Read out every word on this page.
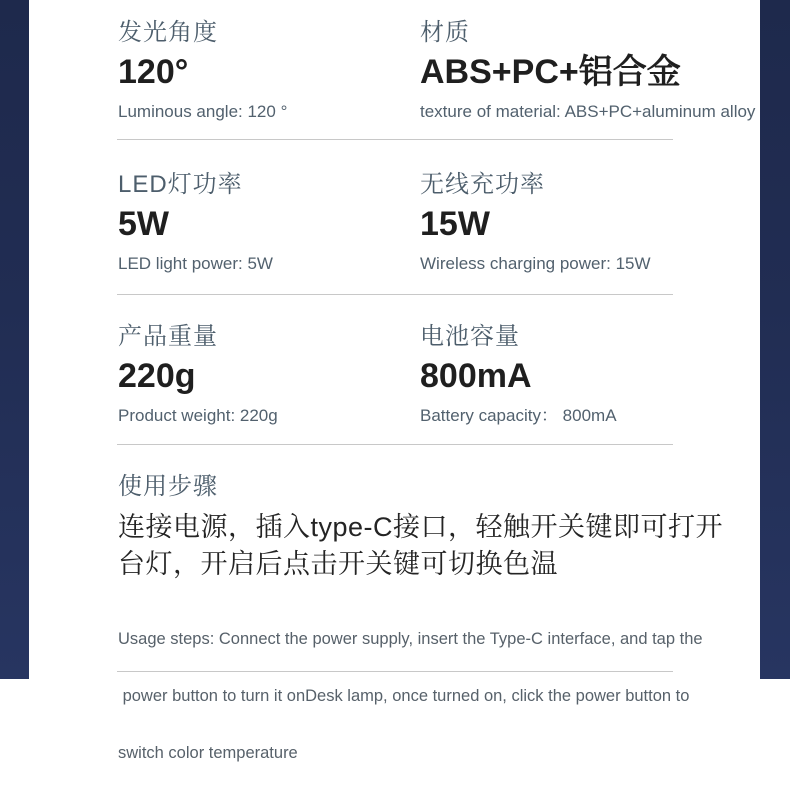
发光角度
120°
Luminous angle: 120 °
材质
ABS+PC+铝合金
texture of material: ABS+PC+aluminum alloy
LED灯功率
5W
LED light power: 5W
无线充功率
15W
Wireless charging power: 15W
产品重量
220g
Product weight: 220g
电池容量
800mA
Battery capacity： 800mA
使用步骤
连接电源，插入type-C接口，轻触开关键即可打开
台灯，开启后点击开关键可切换色温

Usage steps: Connect the power supply, insert the Type-C interface, and tap the

power button to turn it onDesk lamp, once turned on, click the power button to

switch color temperature
